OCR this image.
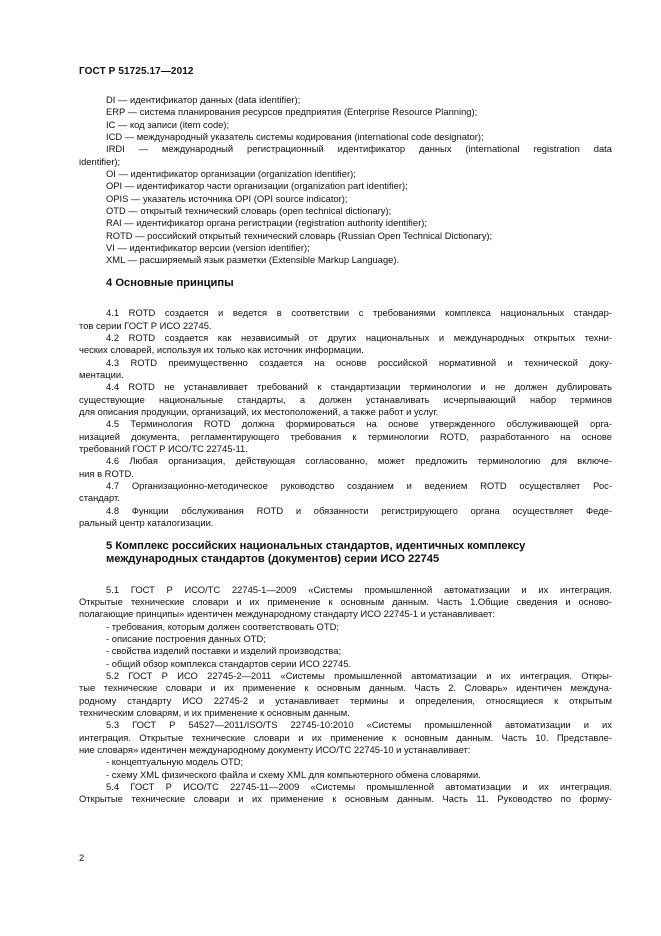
ГОСТ Р 51725.17—2012
DI — идентификатор данных (data identifier);
ERP — система планирования ресурсов предприятия (Enterprise Resource Planning);
IC — код записи (item code);
ICD — международный указатель системы кодирования (international code designator);
IRDI — международный регистрационный идентификатор данных (international registration data
identifier);
OI — идентификатор организации (organization identifier);
OPI — идентификатор части организации (organization part identifier);
OPIS — указатель источника OPI (OPI source indicator);
OTD — открытый технический словарь (open technical dictionary);
RAI — идентификатор органа регистрации (registration authority identifier);
ROTD — российский открытый технический словарь (Russian Open Technical Dictionary);
VI — идентификатор версии (version identifier);
XML — расширяемый язык разметки (Extensible Markup Language).
4 Основные принципы
4.1 ROTD создается и ведется в соответствии с требованиями комплекса национальных стандар-
тов серии ГОСТ Р ИСО 22745.
4.2 ROTD создается как независимый от других национальных и международных открытых техни-
ческих словарей, используя их только как источник информации.
4.3 ROTD преимущественно создается на основе российской нормативной и технической доку-
ментации.
4.4 ROTD не устанавливает требований к стандартизации терминологии и не должен дублировать
существующие национальные стандарты, а должен устанавливать исчерпывающий набор терминов
для описания продукции, организаций, их местоположений, а также работ и услуг.
4.5 Терминология ROTD должна формироваться на основе утвержденного обслуживающей орга-
низацией документа, регламентирующего требования к терминологии ROTD, разработанного на основе
требований ГОСТ Р ИСО/ТС 22745-11.
4.6 Любая организация, действующая согласованно, может предложить терминологию для включе-
ния в ROTD.
4.7 Организационно-методическое руководство созданием и ведением ROTD осуществляет Рос-
стандарт.
4.8 Функции обслуживания ROTD и обязанности регистрирующего органа осуществляет Феде-
ральный центр каталогизации.
5 Комплекс российских национальных стандартов, идентичных комплексу
международных стандартов (документов) серии ИСО 22745
5.1 ГОСТ Р ИСО/ТС 22745-1—2009 «Системы промышленной автоматизации и их интеграция.
Открытые технические словари и их применение к основным данным. Часть 1.Общие сведения и осново-
полагающие принципы» идентичен международному стандарту ИСО 22745-1 и устанавливает:
- требования, которым должен соответствовать OTD;
- описание построения данных OTD;
- свойства изделий поставки и изделий производства;
- общий обзор комплекса стандартов серии ИСО 22745.
5.2 ГОСТ Р ИСО 22745-2—2011 «Системы промышленной автоматизации и их интеграция. Откры-
тые технические словари и их применение к основным данным. Часть 2. Словарь» идентичен междуна-
родному стандарту ИСО 22745-2 и устанавливает термины и определения, относящиеся к открытым
техническим словарям, и их применение к основным данным.
5.3 ГОСТ Р 54527—2011/ISO/TS 22745-10:2010 «Системы промышленной автоматизации и их
интеграция. Открытые технические словари и их применение к основным данным. Часть 10. Представле-
ние словаря» идентичен международному документу ИСО/ТС 22745-10 и устанавливает:
- концептуальную модель OTD;
- схему XML физического файла и схему XML для компьютерного обмена словарями.
5.4 ГОСТ Р ИСО/ТС 22745-11—2009 «Системы промышленной автоматизации и их интеграция.
Открытые технические словари и их применение к основным данным. Часть 11. Руководство по форму-
2
